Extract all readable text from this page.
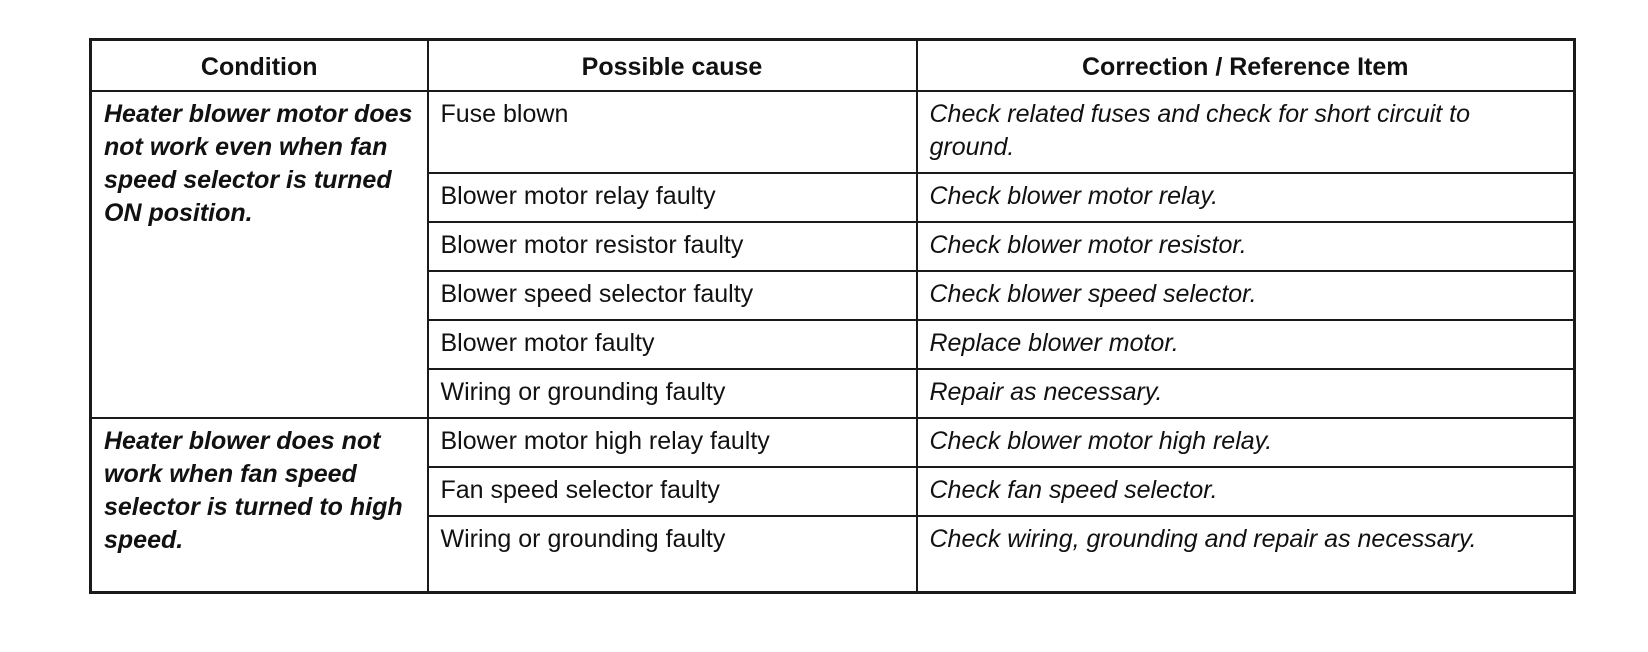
Condition	Possible cause	Correction / Reference Item
Heater blower motor does not work even when fan speed selector is turned ON position.	Fuse blown	Check related fuses and check for short circuit to ground.
	Blower motor relay faulty	Check blower motor relay.
	Blower motor resistor faulty	Check blower motor resistor.
	Blower speed selector faulty	Check blower speed selector.
	Blower motor faulty	Replace blower motor.
	Wiring or grounding faulty	Repair as necessary.
Heater blower does not work when fan speed selector is turned to high speed.	Blower motor high relay faulty	Check blower motor high relay.
	Fan speed selector faulty	Check fan speed selector.
	Wiring or grounding faulty	Check wiring, grounding and repair as necessary.
